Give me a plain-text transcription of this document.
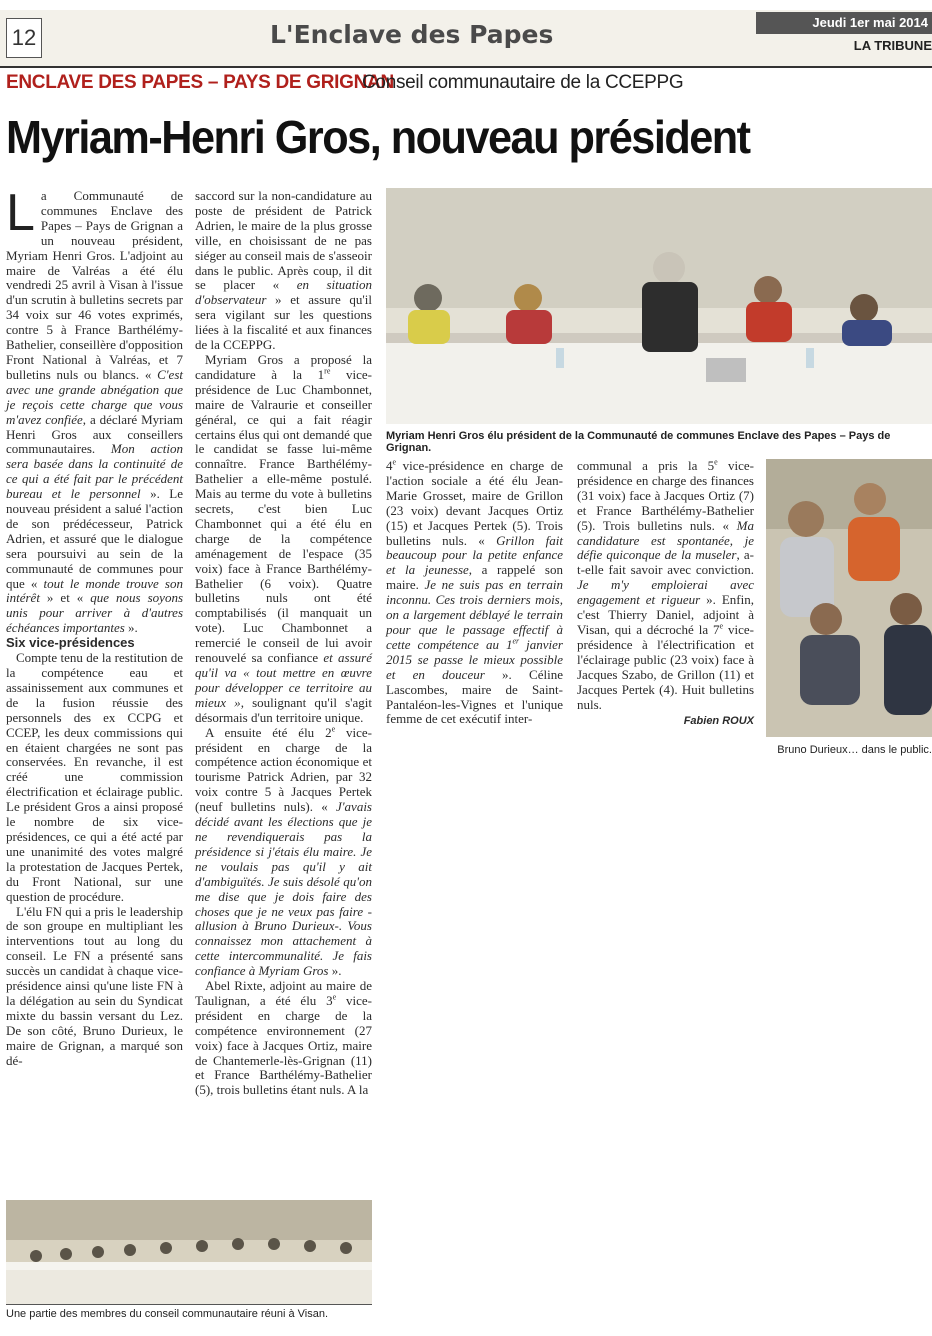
12	L'Enclave des Papes	Jeudi 1er mai 2014
LA TRIBUNE
ENCLAVE DES PAPES – PAYS DE GRIGNAN
Conseil communautaire de la CCEPPG
Myriam-Henri Gros, nouveau président
Myriam Henri Gros élu président de la Communauté de communes Enclave des Papes – Pays de Grignan.
Bruno Durieux… dans le public.
Une partie des membres du conseil communautaire réuni à Visan.

La Communauté de communes Enclave des Papes – Pays de Grignan a un nouveau président, Myriam Henri Gros. L'adjoint au maire de Valréas a été élu vendredi 25 avril à Visan à l'issue d'un scrutin à bulletins secrets par 34 voix sur 46 votes exprimés, contre 5 à France Barthélémy-Bathelier, conseillère d'opposition Front National à Valréas, et 7 bulletins nuls ou blancs. « C'est avec une grande abnégation que je reçois cette charge que vous m'avez confiée, a déclaré Myriam Henri Gros aux conseillers communautaires. Mon action sera basée dans la continuité de ce qui a été fait par le précédent bureau et le personnel ». Le nouveau président a salué l'action de son prédécesseur, Patrick Adrien, et assuré que le dialogue sera poursuivi au sein de la communauté de communes pour que « tout le monde trouve son intérêt » et « que nous soyons unis pour arriver à d'autres échéances importantes ».

Six vice-présidences

Compte tenu de la restitution de la compétence eau et assainissement aux communes et de la fusion réussie des personnels des ex CCPG et CCEP, les deux commissions qui en étaient chargées ne sont pas conservées. En revanche, il est créé une commission électrification et éclairage public. Le président Gros a ainsi proposé le nombre de six vice-présidences, ce qui a été acté par une unanimité des votes malgré la protestation de Jacques Pertek, du Front National, sur une question de procédure.

L'élu FN qui a pris le leadership de son groupe en multipliant les interventions tout au long du conseil. Le FN a présenté sans succès un candidat à chaque vice-présidence ainsi qu'une liste FN à la délégation au sein du Syndicat mixte du bassin versant du Lez. De son côté, Bruno Durieux, le maire de Grignan, a marqué son dé-

saccord sur la non-candidature au poste de président de Patrick Adrien, le maire de la plus grosse ville, en choisissant de ne pas siéger au conseil mais de s'asseoir dans le public. Après coup, il dit se placer « en situation d'observateur » et assure qu'il sera vigilant sur les questions liées à la fiscalité et aux finances de la CCEPPG.

Myriam Gros a proposé la candidature à la 1re vice-présidence de Luc Chambonnet, maire de Valraurie et conseiller général, ce qui a fait réagir certains élus qui ont demandé que le candidat se fasse lui-même connaître. France Barthélémy-Bathelier a elle-même postulé. Mais au terme du vote à bulletins secrets, c'est bien Luc Chambonnet qui a été élu en charge de la compétence aménagement de l'espace (35 voix) face à France Barthélémy-Bathelier (6 voix). Quatre bulletins nuls ont été comptabilisés (il manquait un vote). Luc Chambonnet a remercié le conseil de lui avoir renouvelé sa confiance et assuré qu'il va « tout mettre en œuvre pour développer ce territoire au mieux », soulignant qu'il s'agit désormais d'un territoire unique.

A ensuite été élu 2e vice-président en charge de la compétence action économique et tourisme Patrick Adrien, par 32 voix contre 5 à Jacques Pertek (neuf bulletins nuls). « J'avais décidé avant les élections que je ne revendiquerais pas la présidence si j'étais élu maire. Je ne voulais pas qu'il y ait d'ambiguïtés. Je suis désolé qu'on me dise que je dois faire des choses que je ne veux pas faire -allusion à Bruno Durieux-. Vous connaissez mon attachement à cette intercommunalité. Je fais confiance à Myriam Gros ».

Abel Rixte, adjoint au maire de Taulignan, a été élu 3e vice-président en charge de la compétence environnement (27 voix) face à Jacques Ortiz, maire de Chantemerle-lès-Grignan (11) et France Barthélémy-Bathelier (5), trois bulletins étant nuls. A la

4e vice-présidence en charge de l'action sociale a été élu Jean-Marie Grosset, maire de Grillon (23 voix) devant Jacques Ortiz (15) et Jacques Pertek (5). Trois bulletins nuls. « Grillon fait beaucoup pour la petite enfance et la jeunesse, a rappelé son maire. Je ne suis pas en terrain inconnu. Ces trois derniers mois, on a largement déblayé le terrain pour que le passage effectif à cette compétence au 1er janvier 2015 se passe le mieux possible et en douceur ». Céline Lascombes, maire de Saint-Pantaléon-les-Vignes et l'unique femme de cet exécutif inter-

communal a pris la 5e vice-présidence en charge des finances (31 voix) face à Jacques Ortiz (7) et France Barthélémy-Bathelier (5). Trois bulletins nuls. « Ma candidature est spontanée, je défie quiconque de la museler, a-t-elle fait savoir avec conviction. Je m'y emploierai avec engagement et rigueur ». Enfin, c'est Thierry Daniel, adjoint à Visan, qui a décroché la 7e vice-présidence à l'électrification et l'éclairage public (23 voix) face à Jacques Szabo, de Grillon (11) et Jacques Pertek (4). Huit bulletins nuls.

Fabien ROUX
